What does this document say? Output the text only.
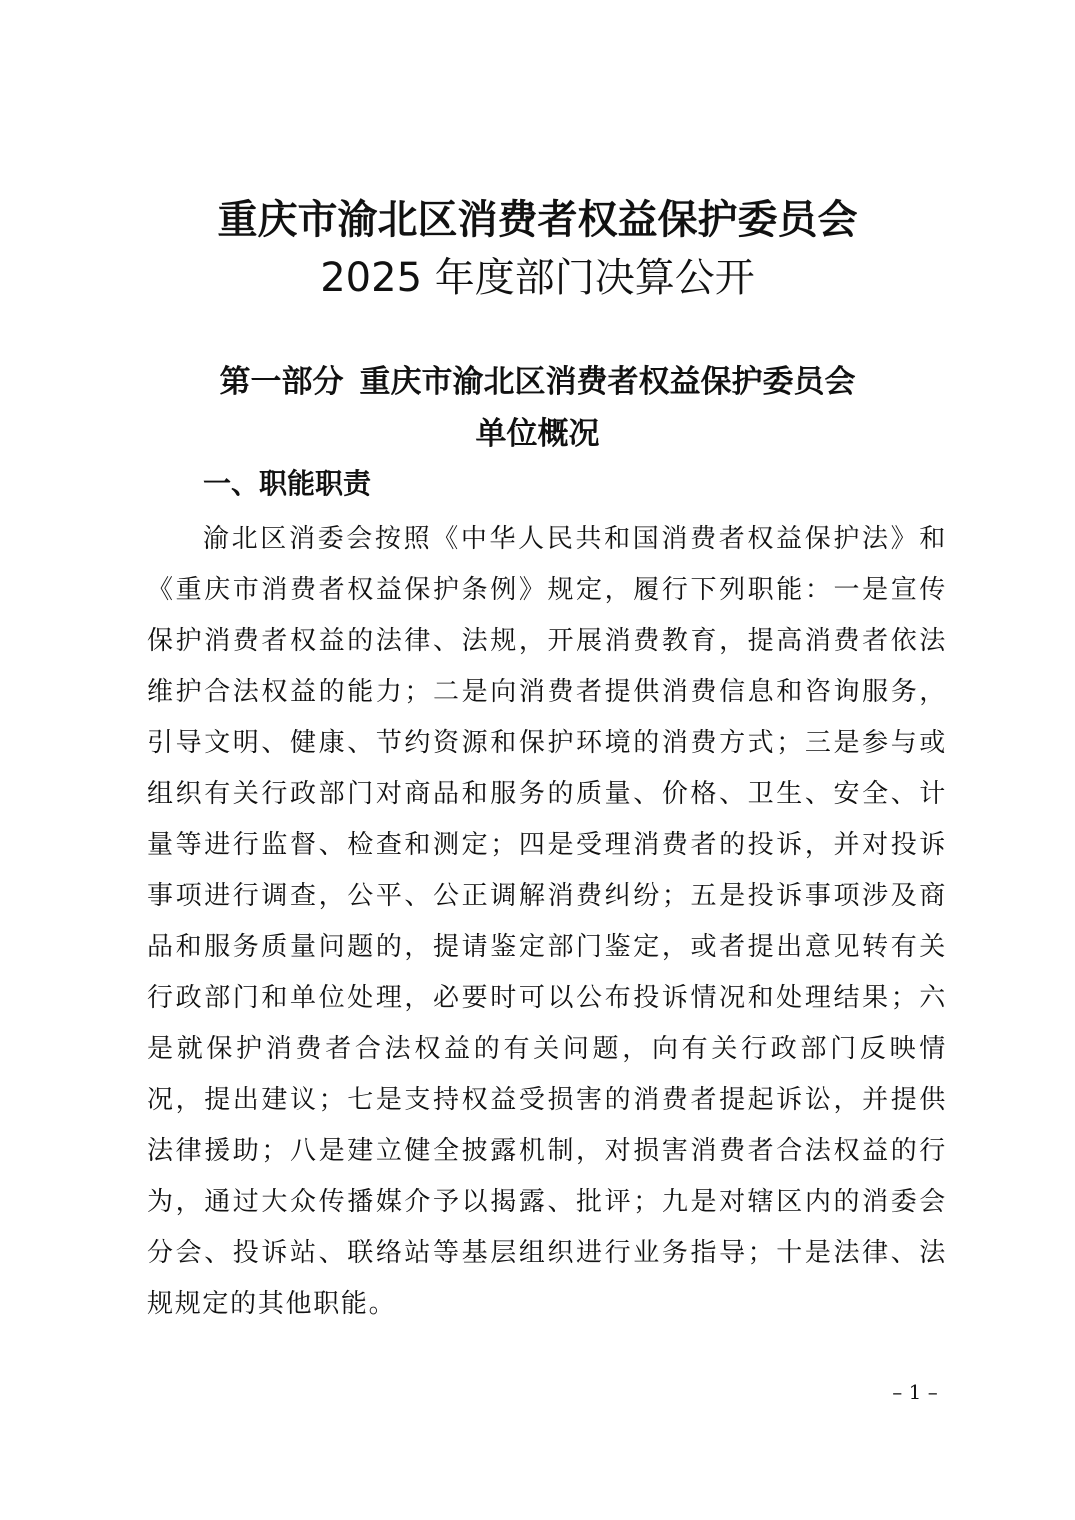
重庆市渝北区消费者权益保护委员会
2025 年度部门决算公开
第一部分 重庆市渝北区消费者权益保护委员会
单位概况
一、职能职责

渝北区消委会按照《中华人民共和国消费者权益保护法》和《重庆市消费者权益保护条例》规定，履行下列职能：一是宣传保护消费者权益的法律、法规，开展消费教育，提高消费者依法维护合法权益的能力；二是向消费者提供消费信息和咨询服务，引导文明、健康、节约资源和保护环境的消费方式；三是参与或组织有关行政部门对商品和服务的质量、价格、卫生、安全、计量等进行监督、检查和测定；四是受理消费者的投诉，并对投诉事项进行调查，公平、公正调解消费纠纷；五是投诉事项涉及商品和服务质量问题的，提请鉴定部门鉴定，或者提出意见转有关行政部门和单位处理，必要时可以公布投诉情况和处理结果；六是就保护消费者合法权益的有关问题，向有关行政部门反映情况，提出建议；七是支持权益受损害的消费者提起诉讼，并提供法律援助；八是建立健全披露机制，对损害消费者合法权益的行为，通过大众传播媒介予以揭露、批评；九是对辖区内的消委会分会、投诉站、联络站等基层组织进行业务指导；十是法律、法规规定的其他职能。

– 1 –
